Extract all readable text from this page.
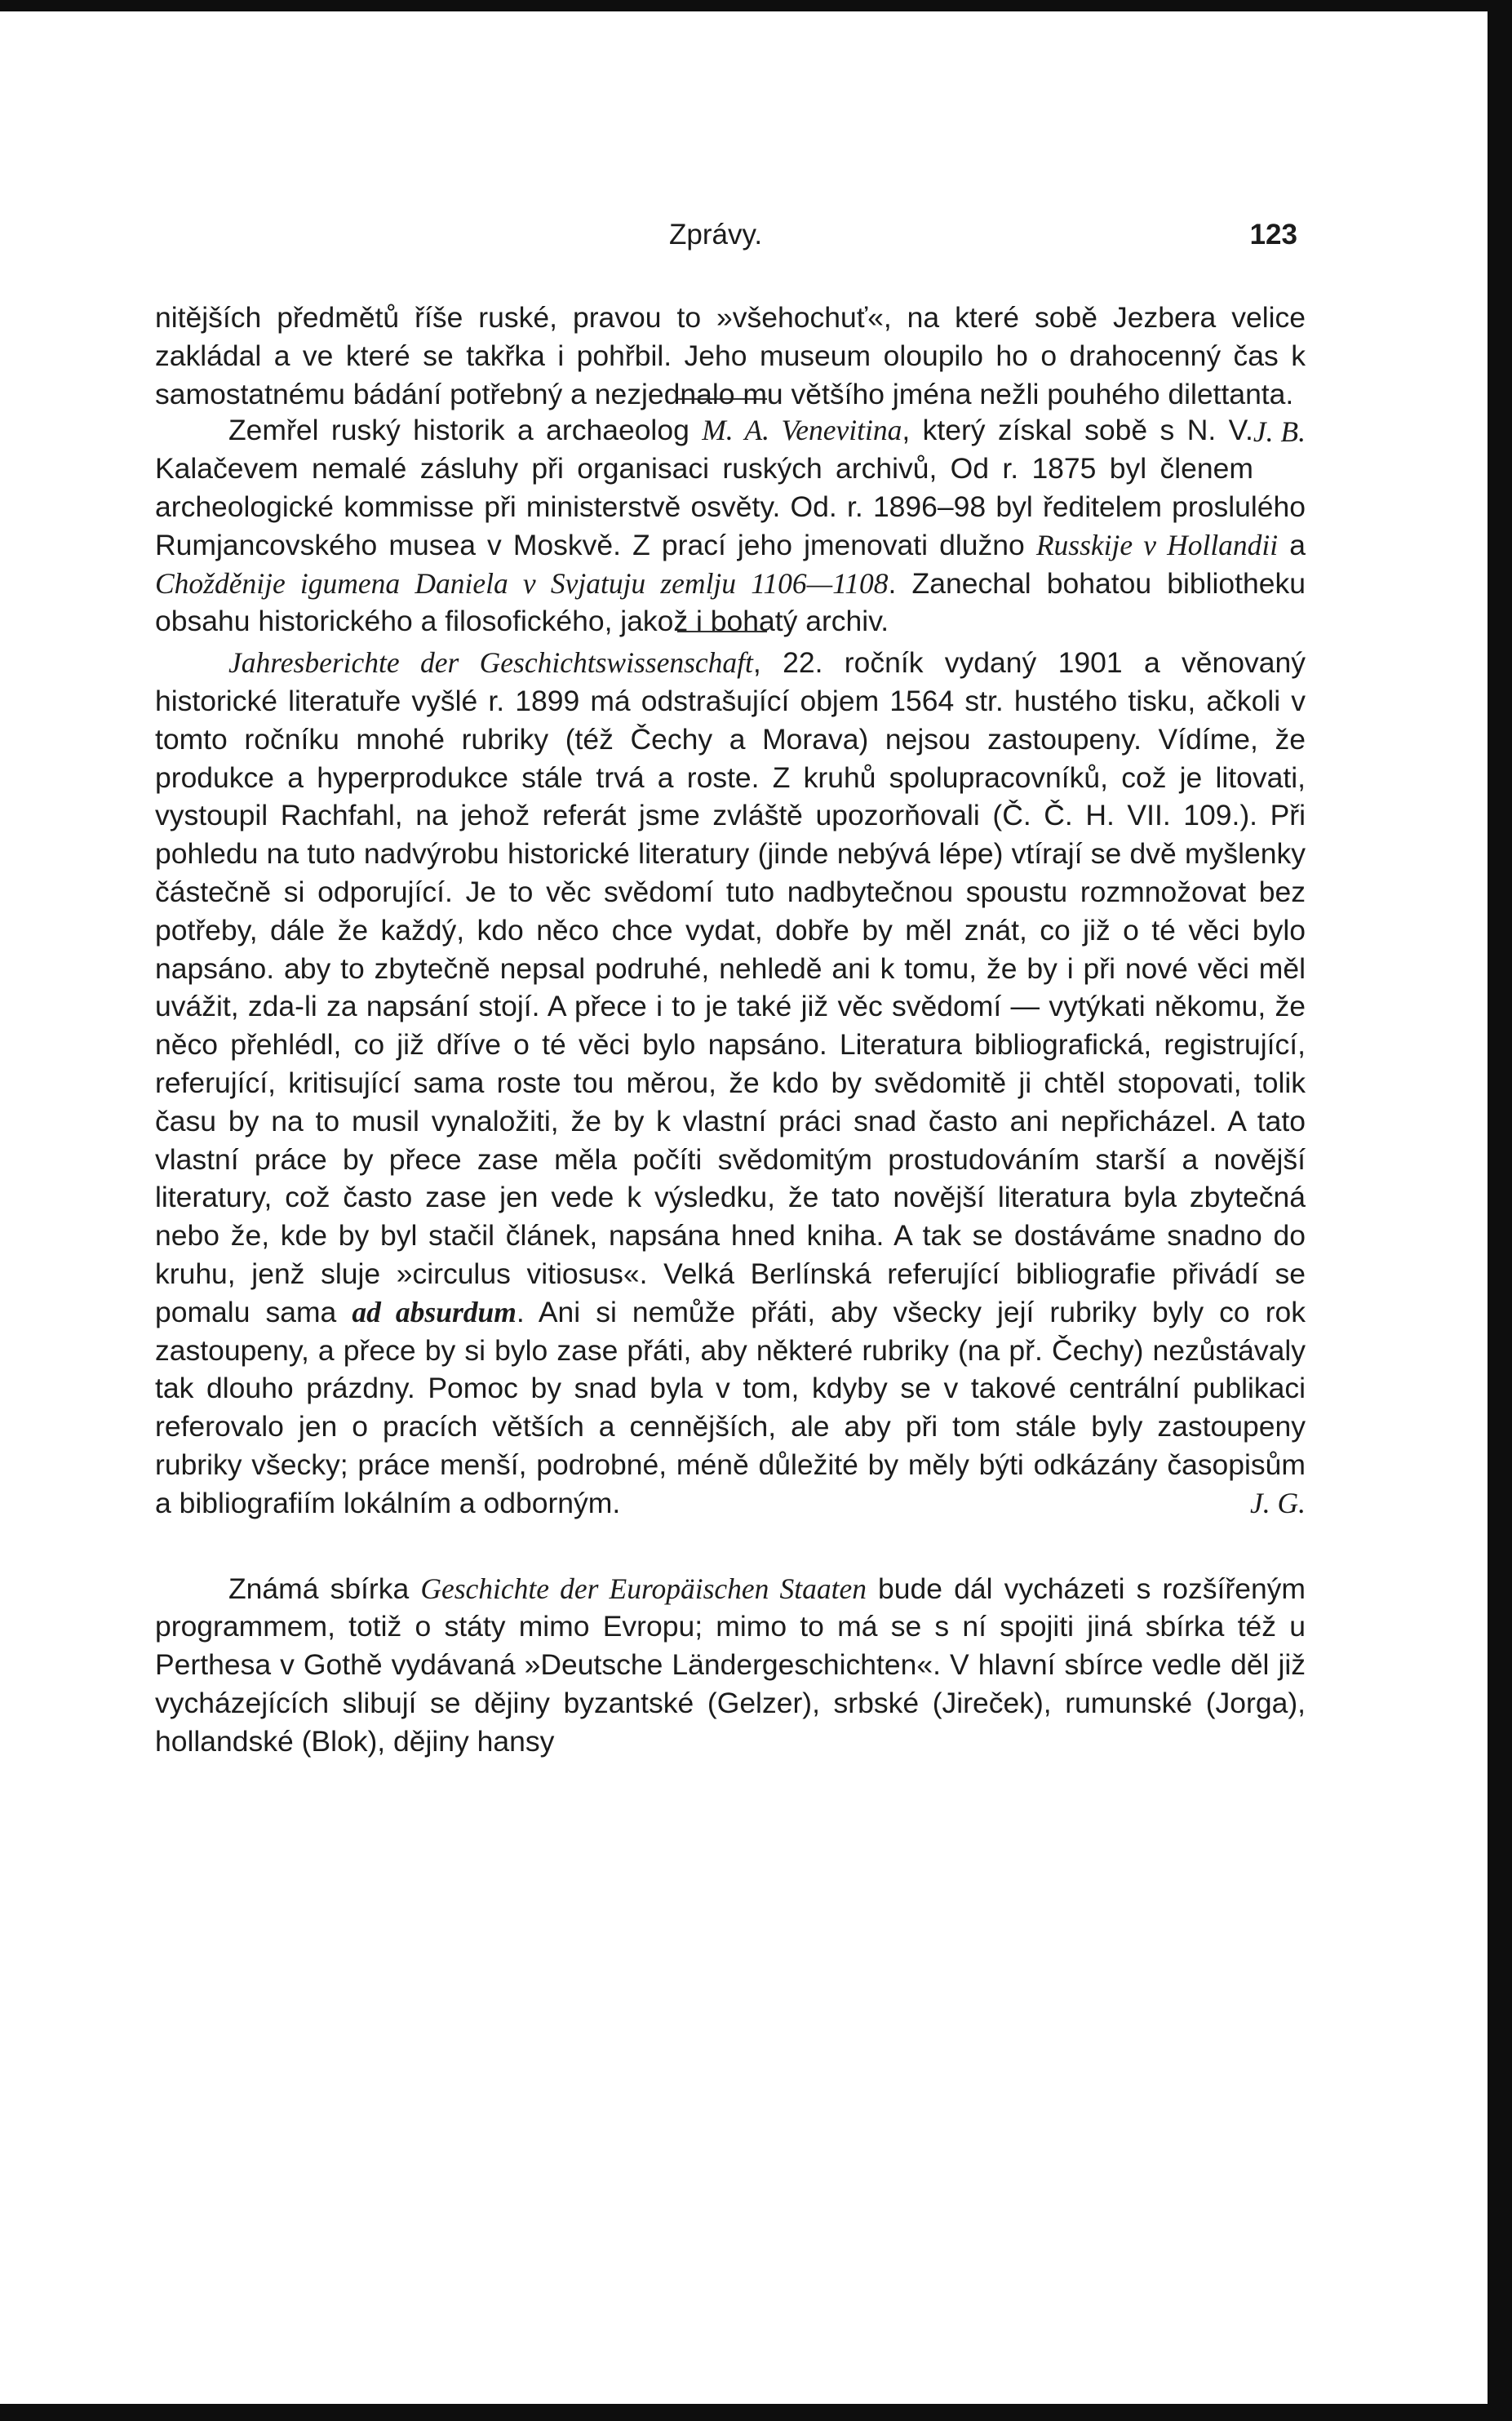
Zprávy.	123

nitějších předmětů říše ruské, pravou to »všehochuť«, na které sobě Jezbera velice zakládal a ve které se takřka i pohřbil. Jeho museum oloupilo ho o drahocenný čas k samostatnému bádání potřebný a nezjednalo mu většího jména nežli pouhého dilettanta.
J. B.

Zemřel ruský historik a archaeolog M. A. Venevitina, který získal sobě s N. V. Kalačevem nemalé zásluhy při organisaci ruských archivů, Od r. 1875 byl členem archeologické kommisse při ministerstvě osvěty. Od. r. 1896–98 byl ředitelem proslulého Rumjancovského musea v Moskvě. Z prací jeho jmenovati dlužno Russkije v Hollandii a Chožděnije igumena Daniela v Svjatuju zemlju 1106—1108. Zanechal bohatou bibliotheku obsahu historického a filosofického, jakož i bohatý archiv.

Jahresberichte der Geschichtswissenschaft, 22. ročník vydaný 1901 a věnovaný historické literatuře vyšlé r. 1899 má odstrašující objem 1564 str. hustého tisku, ačkoli v tomto ročníku mnohé rubriky (též Čechy a Morava) nejsou zastoupeny. Vídíme, že produkce a hyperprodukce stále trvá a roste. Z kruhů spolupracovníků, což je litovati, vystoupil Rachfahl, na jehož referát jsme zvláště upozorňovali (Č. Č. H. VII. 109.). Při pohledu na tuto nadvýrobu historické literatury (jinde nebývá lépe) vtírají se dvě myšlenky částečně si odporující. Je to věc svědomí tuto nadbytečnou spoustu rozmnožovat bez potřeby, dále že každý, kdo něco chce vydat, dobře by měl znát, co již o té věci bylo napsáno. aby to zbytečně nepsal podruhé, nehledě ani k tomu, že by i při nové věci měl uvážit, zda-li za napsání stojí. A přece i to je také již věc svědomí — vytýkati někomu, že něco přehlédl, co již dříve o té věci bylo napsáno. Literatura bibliografická, registrující, referující, kritisující sama roste tou měrou, že kdo by svědomitě ji chtěl stopovati, tolik času by na to musil vynaložiti, že by k vlastní práci snad často ani nepřicházel. A tato vlastní práce by přece zase měla počíti svědomitým prostudováním starší a novější literatury, což často zase jen vede k výsledku, že tato novější literatura byla zbytečná nebo že, kde by byl stačil článek, napsána hned kniha. A tak se dostáváme snadno do kruhu, jenž sluje »circulus vitiosus«. Velká Berlínská referující bibliografie přivádí se pomalu sama ad absurdum. Ani si nemůže přáti, aby všecky její rubriky byly co rok zastoupeny, a přece by si bylo zase přáti, aby některé rubriky (na př. Čechy) nezůstávaly tak dlouho prázdny. Pomoc by snad byla v tom, kdyby se v takové centrální publikaci referovalo jen o pracích větších a cennějších, ale aby při tom stále byly zastoupeny rubriky všecky; práce menší, podrobné, méně důležité by měly býti odkázány časopisům a bibliografiím lokálním a odborným.	J. G.

Známá sbírka Geschichte der Europäischen Staaten bude dál vycházeti s rozšířeným programmem, totiž o státy mimo Evropu; mimo to má se s ní spojiti jiná sbírka též u Perthesa v Gothě vydávaná »Deutsche Ländergeschichten«. V hlavní sbírce vedle děl již vycházejících slibují se dějiny byzantské (Gelzer), srbské (Jireček), rumunské (Jorga), hollandské (Blok), dějiny hansy
